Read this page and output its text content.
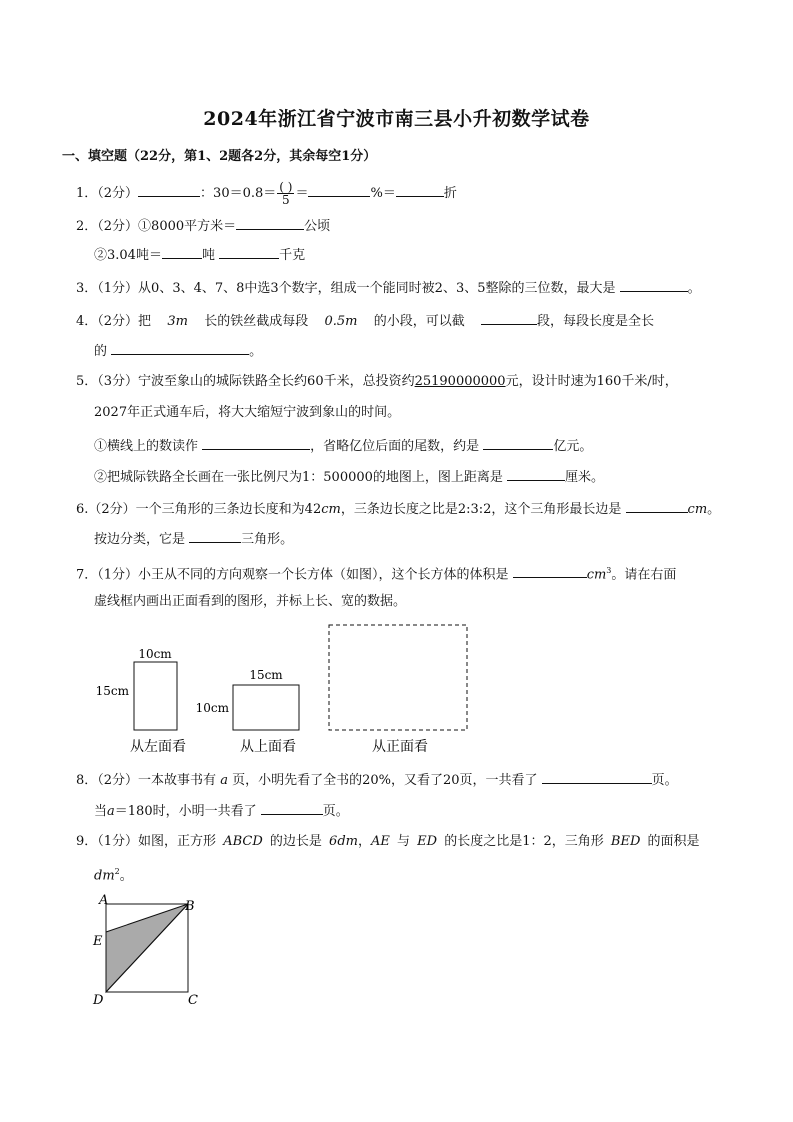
2024年浙江省宁波市南三县小升初数学试卷
一、填空题（22分，第1、2题各2分，其余每空1分）
1．（2分）	：$30=0.8= \frac{( )}{5}$ ＝	%＝	折
2．（2分）①8000平方米＝	公顷
②3.04吨＝	吨	千克
3．（1分）从0、3、4、7、8中选3个数字，组成一个能同时被2、3、5整除的三位数，最大是	。
4．（2分）把 3m 长的铁丝截成每段 0.5m 的小段，可以截	段，每段长度是全长
的	。
5．（3分）宁波至象山的城际铁路全长约60千米，总投资约25190000000元，设计时速为160千米/时，
2027年正式通车后，将大大缩短宁波到象山的时间。
①横线上的数读作	，省略亿位后面的尾数，约是	亿元。
②把城际铁路全长画在一张比例尺为1：500000的地图上，图上距离是	厘米。
6.（2分）一个三角形的三条边长度和为42cm，三条边长度之比是2:3:2，这个三角形最长边是	cm。
按边分类，它是	三角形。
7．（1分）小王从不同的方向观察一个长方体（如图），这个长方体的体积是	$cm^3$。请在右面
虚线框内画出正面看到的图形，并标上长、宽的数据。
10cm
15cm
从左面看
15cm
10cm
从上面看	从正面看
8．（2分）一本故事书有 a 页，小明先看了全书的20%，又看了20页，一共看了	页。
当a＝180时，小明一共看了	页。
9．（1分）如图，正方形 ABCD 的边长是 6dm，AE 与 ED 的长度之比是1：2，三角形 BED 的面积是
$dm^2$。
A	B
C
D
E
